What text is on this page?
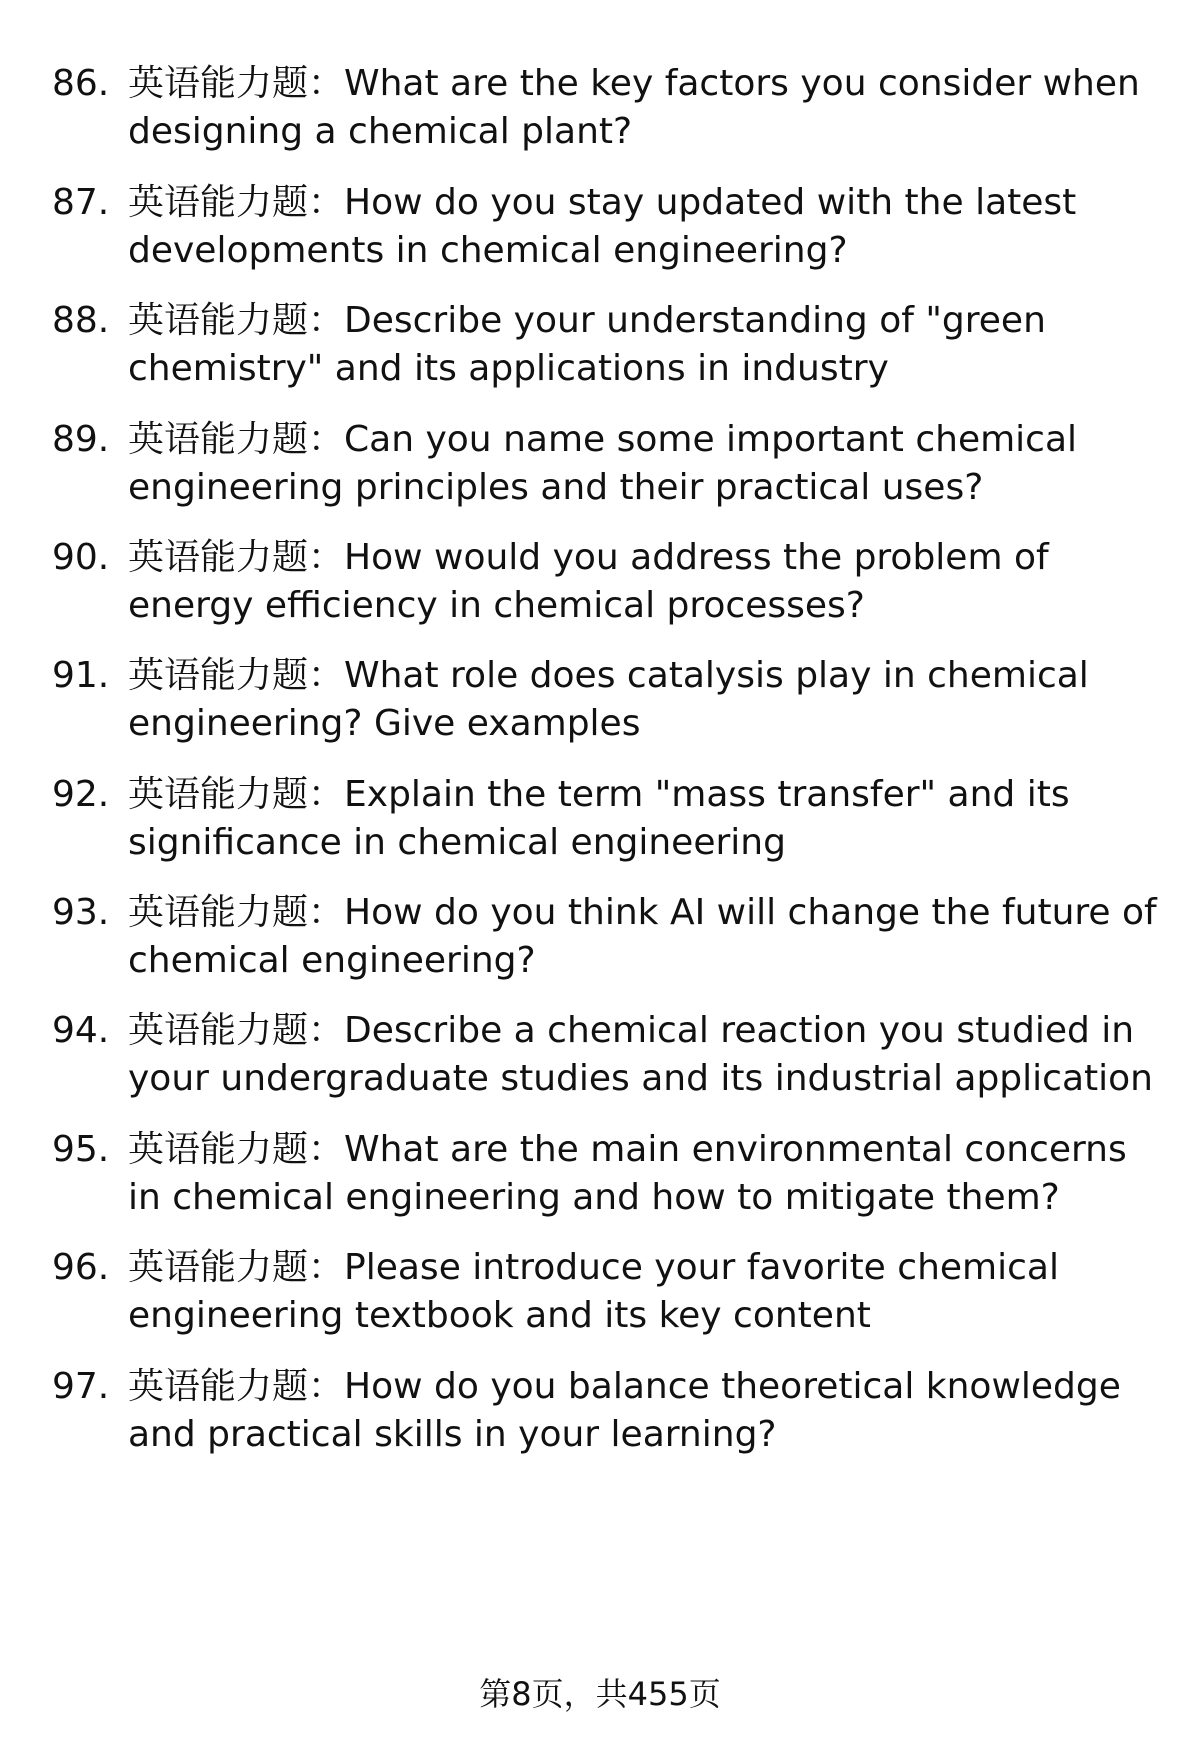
86. 英语能力题：What are the key factors you consider when designing a chemical plant?
87. 英语能力题：How do you stay updated with the latest developments in chemical engineering?
88. 英语能力题：Describe your understanding of "green chemistry" and its applications in industry
89. 英语能力题：Can you name some important chemical engineering principles and their practical uses?
90. 英语能力题：How would you address the problem of energy efficiency in chemical processes?
91. 英语能力题：What role does catalysis play in chemical engineering? Give examples
92. 英语能力题：Explain the term "mass transfer" and its significance in chemical engineering
93. 英语能力题：How do you think AI will change the future of chemical engineering?
94. 英语能力题：Describe a chemical reaction you studied in your undergraduate studies and its industrial application
95. 英语能力题：What are the main environmental concerns in chemical engineering and how to mitigate them?
96. 英语能力题：Please introduce your favorite chemical engineering textbook and its key content
97. 英语能力题：How do you balance theoretical knowledge and practical skills in your learning?
第8页，共455页
